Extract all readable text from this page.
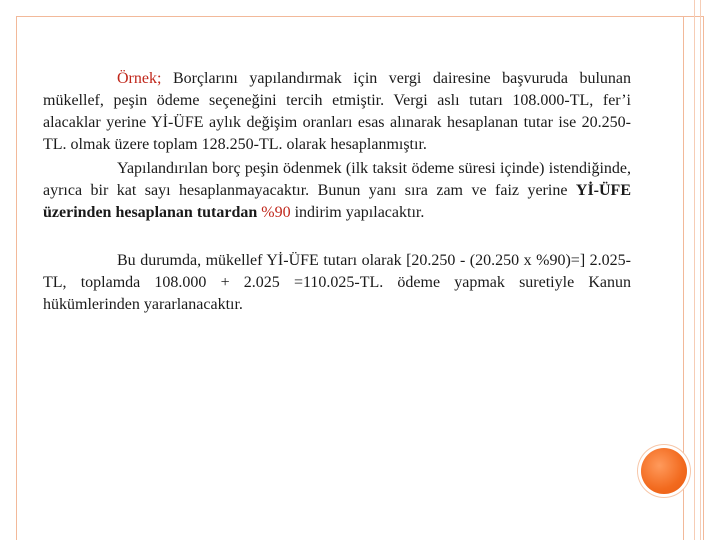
Örnek; Borçlarını yapılandırmak için vergi dairesine başvuruda bulunan mükellef, peşin ödeme seçeneğini tercih etmiştir. Vergi aslı tutarı 108.000-TL, fer’i alacaklar yerine Yİ-ÜFE aylık değişim oranları esas alınarak hesaplanan tutar ise 20.250-TL. olmak üzere toplam 128.250-TL. olarak hesaplanmıştır.

Yapılandırılan borç peşin ödenmek (ilk taksit ödeme süresi içinde) istendiğinde, ayrıca bir kat sayı hesaplanmayacaktır. Bunun yanı sıra zam ve faiz yerine Yİ-ÜFE üzerinden hesaplanan tutardan %90 indirim yapılacaktır.

Bu durumda, mükellef Yİ-ÜFE tutarı olarak [20.250 - (20.250 x %90)=] 2.025-TL, toplamda 108.000 + 2.025 =110.025-TL. ödeme yapmak suretiyle Kanun hükümlerinden yararlanacaktır.
